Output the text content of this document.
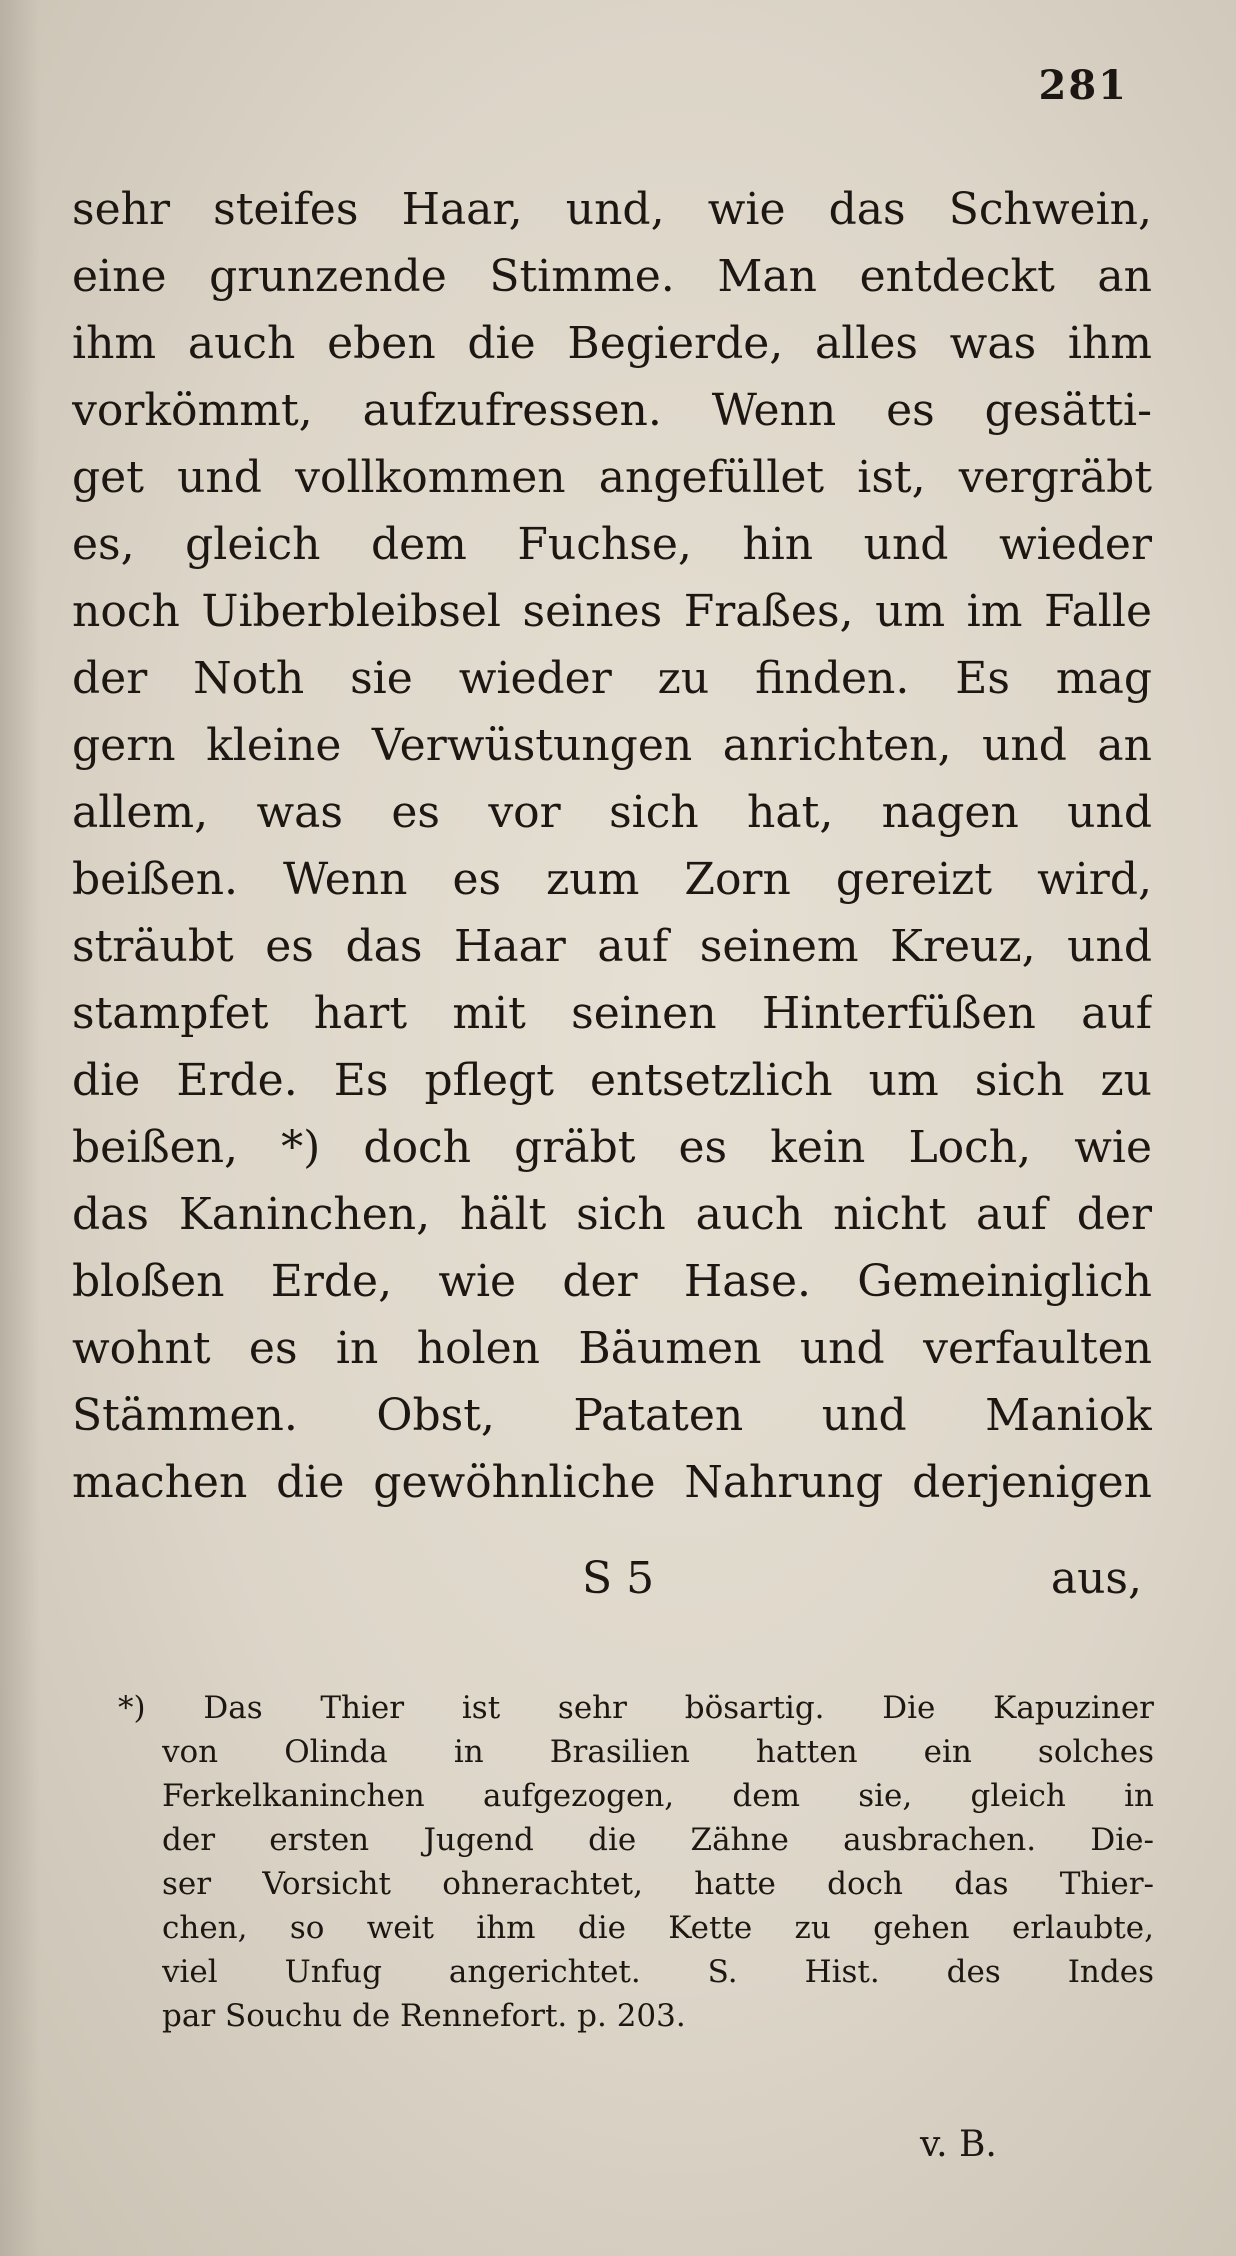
281

sehr steifes Haar, und, wie das Schwein,
eine grunzende Stimme. Man entdeckt an
ihm auch eben die Begierde, alles was ihm
vorkömmt, aufzufressen. Wenn es gesätti-
get und vollkommen angefüllet ist, vergräbt
es, gleich dem Fuchse, hin und wieder
noch Uiberbleibsel seines Fraßes, um im Falle
der Noth sie wieder zu finden. Es mag
gern kleine Verwüstungen anrichten, und an
allem, was es vor sich hat, nagen und
beißen. Wenn es zum Zorn gereizt wird,
sträubt es das Haar auf seinem Kreuz, und
stampfet hart mit seinen Hinterfüßen auf
die Erde. Es pflegt entsetzlich um sich zu
beißen, *) doch gräbt es kein Loch, wie
das Kaninchen, hält sich auch nicht auf der
bloßen Erde, wie der Hase. Gemeiniglich
wohnt es in holen Bäumen und verfaulten
Stämmen. Obst, Pataten und Maniok
machen die gewöhnliche Nahrung derjenigen
S 5	aus,
*) Das Thier ist sehr bösartig. Die Kapuziner
von Olinda in Brasilien hatten ein solches
Ferkelkaninchen aufgezogen, dem sie, gleich in
der ersten Jugend die Zähne ausbrachen. Die-
ser Vorsicht ohnerachtet, hatte doch das Thier-
chen, so weit ihm die Kette zu gehen erlaubte,
viel Unfug angerichtet. S. Hist. des Indes
par Souchu de Rennefort. p. 203.

v. B.
